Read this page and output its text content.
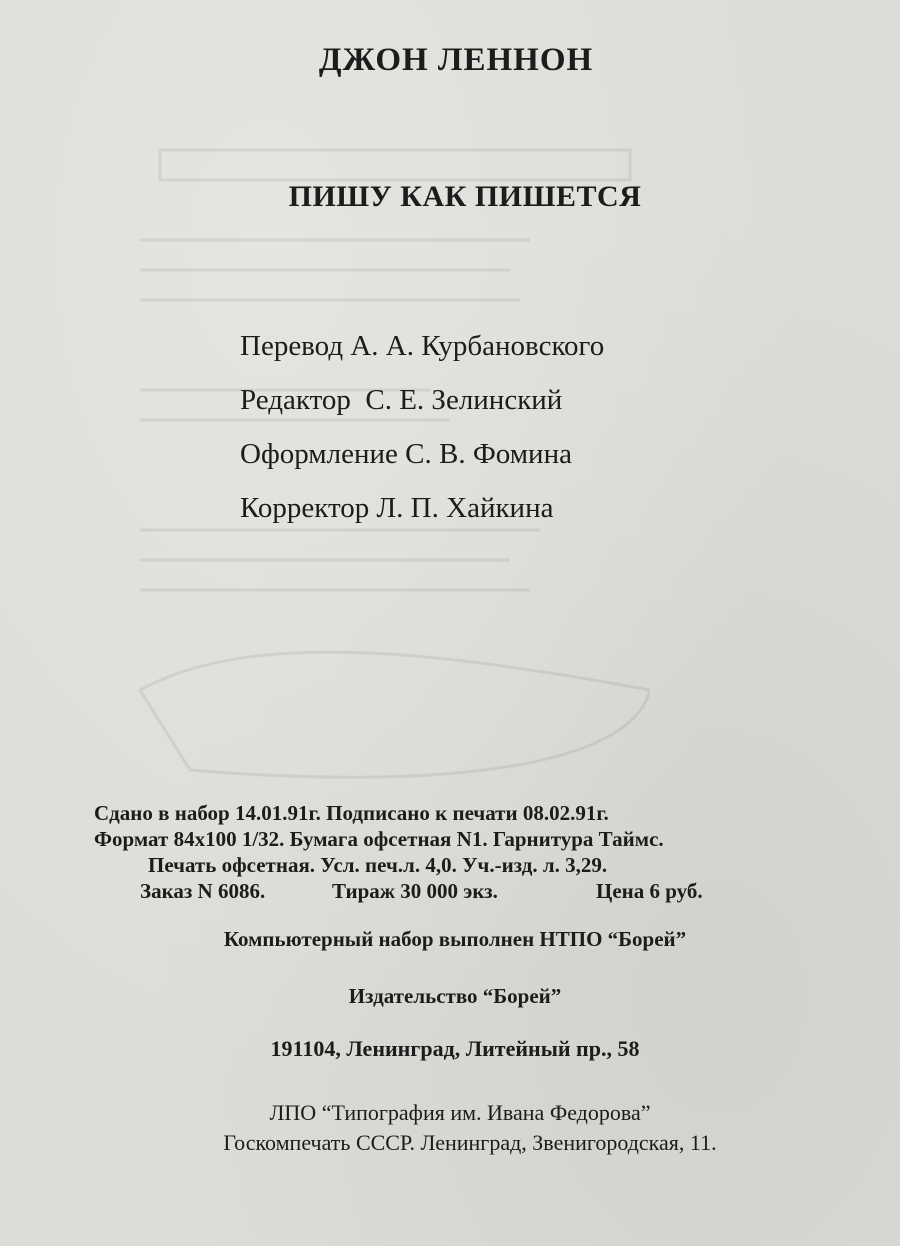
ДЖОН ЛЕННОН
ПИШУ КАК ПИШЕТСЯ
Перевод А. А. Курбановского
Редактор  С. Е. Зелинский
Оформление С. В. Фомина
Корректор Л. П. Хайкина
Сдано в набор 14.01.91г. Подписано к печати 08.02.91г.
Формат 84х100 1/32. Бумага офсетная N1. Гарнитура Таймс.
Печать офсетная. Усл. печ.л. 4,0. Уч.-изд. л. 3,29.
Заказ N 6086.	Тираж 30 000 экз.	Цена 6 руб.
Компьютерный набор выполнен НТПО “Борей”
Издательство “Борей”
191104, Ленинград, Литейный пр., 58
ЛПО “Типография им. Ивана Федорова”
Госкомпечать СССР. Ленинград, Звенигородская, 11.
